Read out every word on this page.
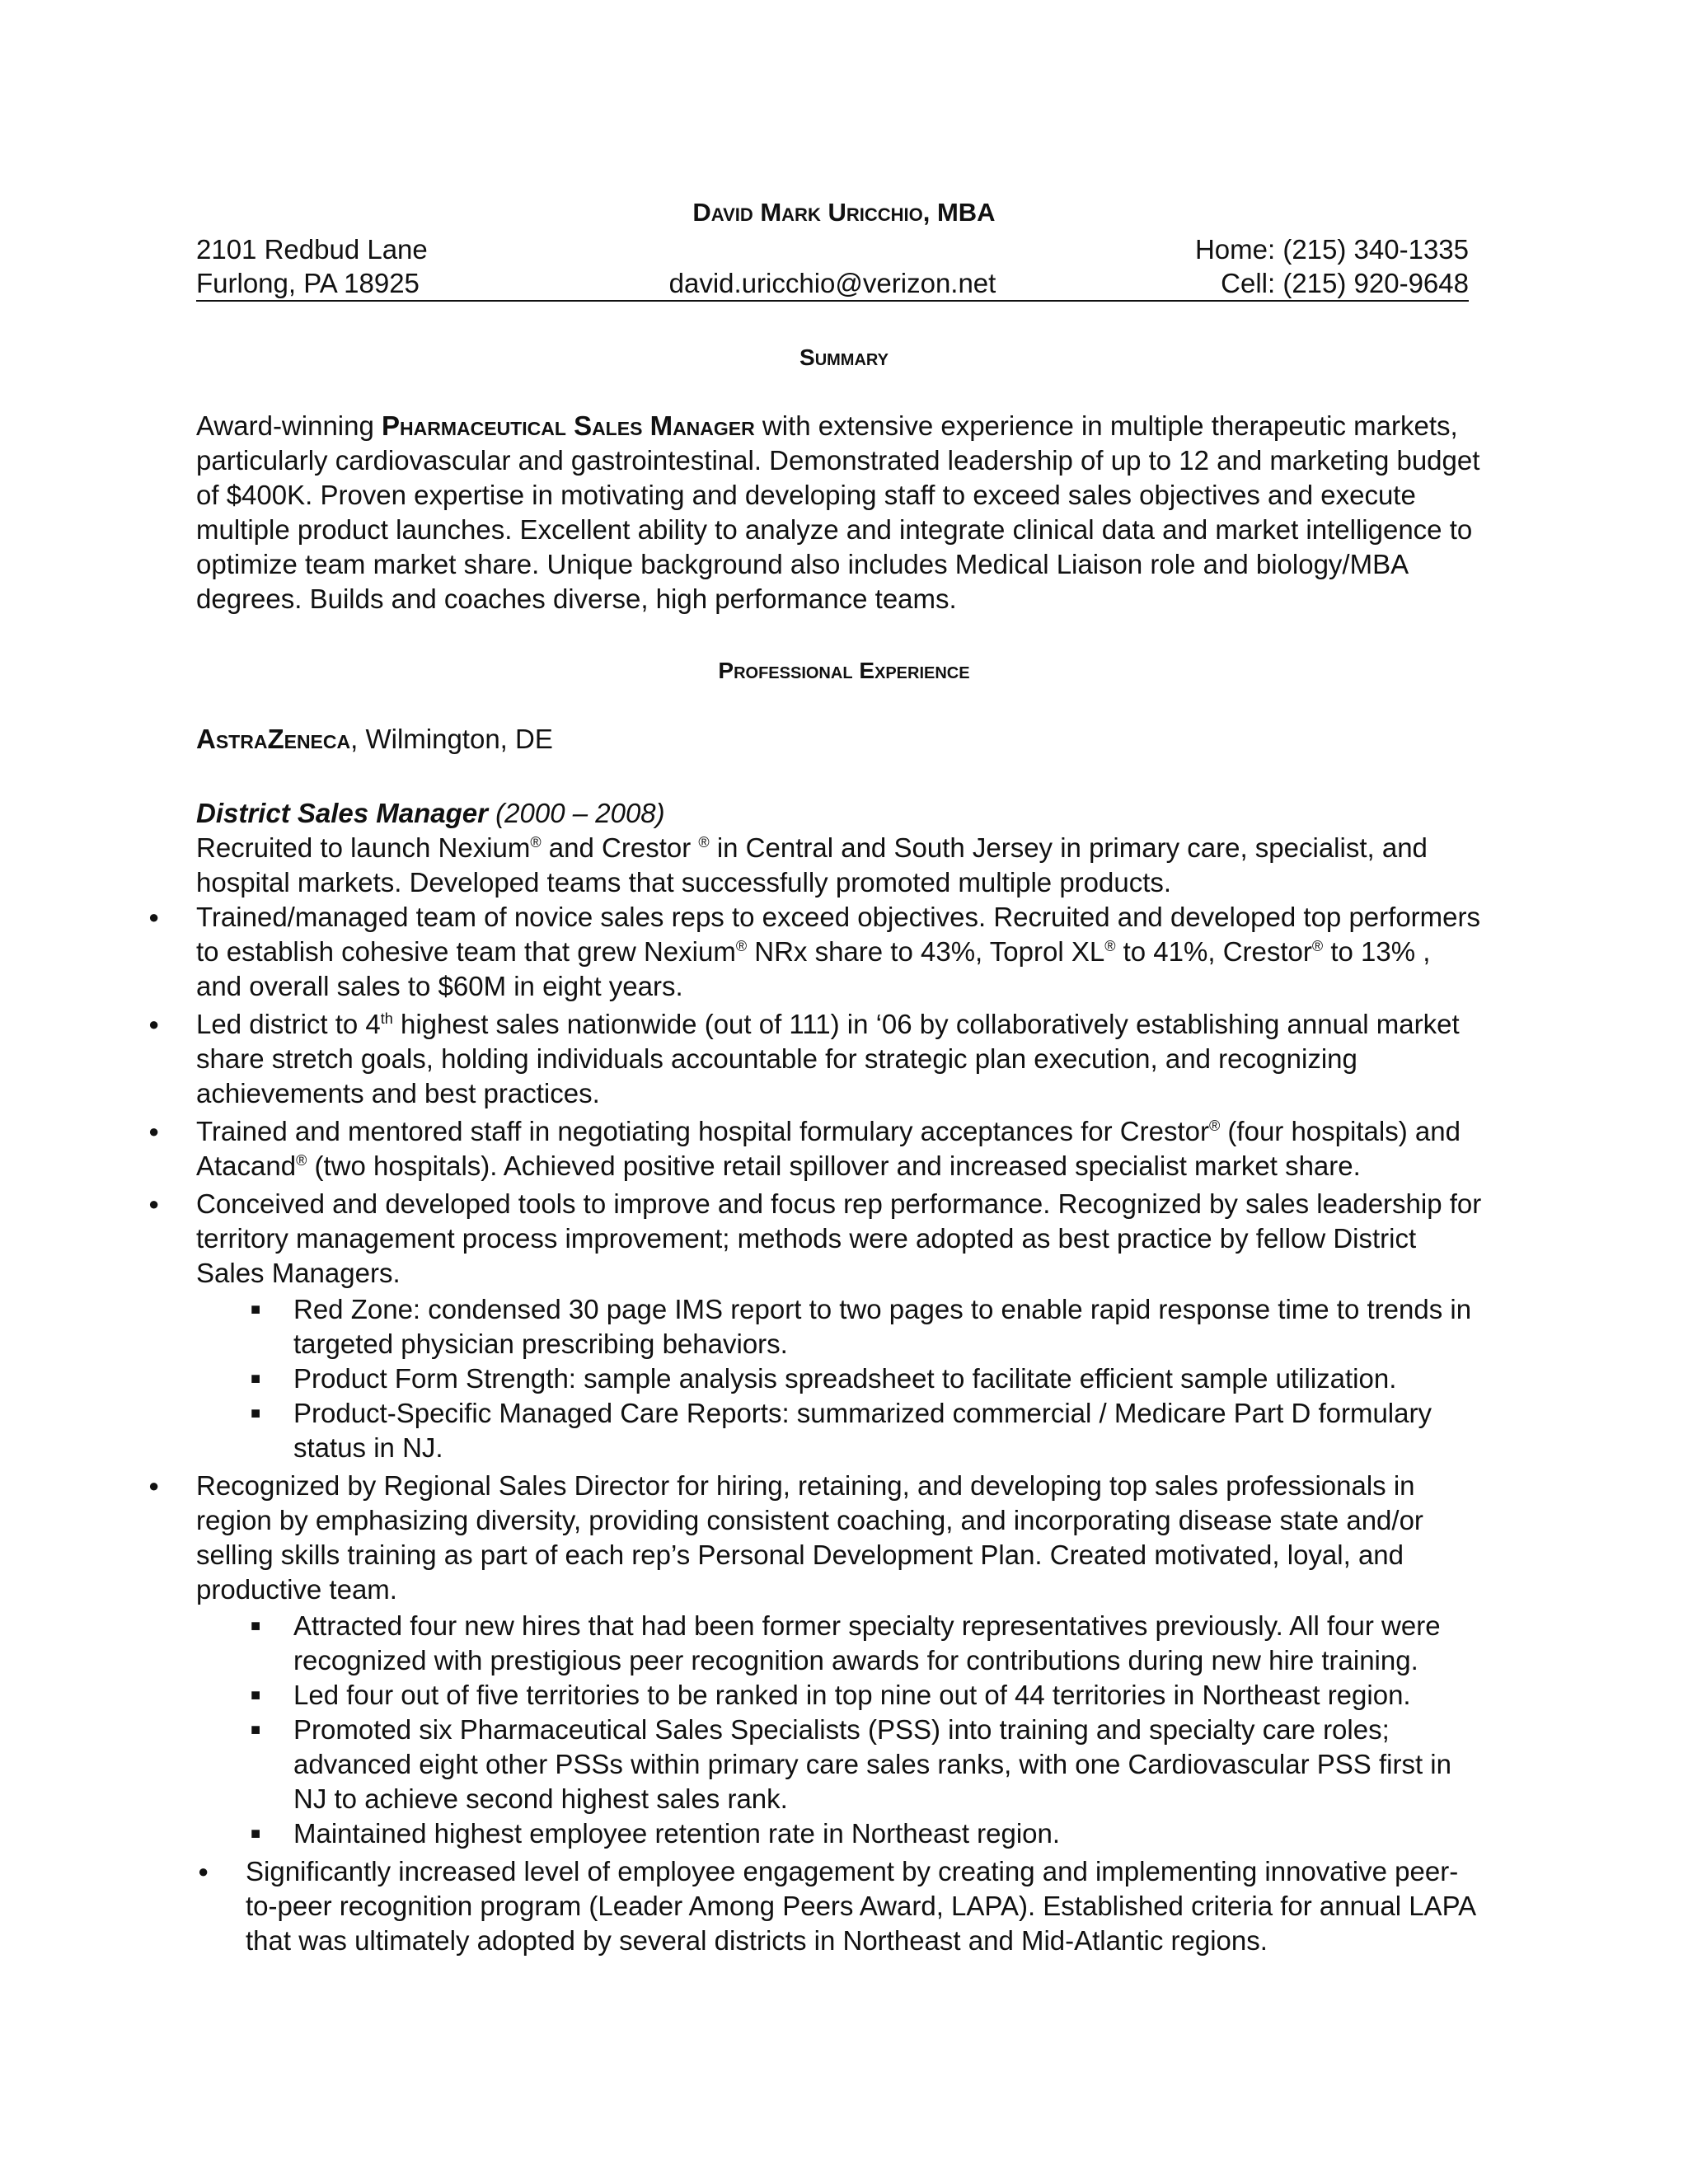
David Mark Uricchio, MBA
2101 Redbud Lane	Home: (215) 340-1335
Furlong, PA 18925	david.uricchio@verizon.net	Cell: (215) 920-9648
Summary

Award-winning Pharmaceutical Sales Manager with extensive experience in multiple therapeutic markets, particularly cardiovascular and gastrointestinal. Demonstrated leadership of up to 12 and marketing budget of $400K. Proven expertise in motivating and developing staff to exceed sales objectives and execute multiple product launches. Excellent ability to analyze and integrate clinical data and market intelligence to optimize team market share. Unique background also includes Medical Liaison role and biology/MBA degrees. Builds and coaches diverse, high performance teams.

Professional Experience
AstraZeneca, Wilmington, DE
District Sales Manager (2000 – 2008)

Recruited to launch Nexium® and Crestor ® in Central and South Jersey in primary care, specialist, and hospital markets. Developed teams that successfully promoted multiple products.

● Trained/managed team of novice sales reps to exceed objectives. Recruited and developed top performers to establish cohesive team that grew Nexium® NRx share to 43%, Toprol XL® to 41%, Crestor® to 13% , and overall sales to $60M in eight years.
● Led district to 4th highest sales nationwide (out of 111) in ‘06 by collaboratively establishing annual market share stretch goals, holding individuals accountable for strategic plan execution, and recognizing achievements and best practices.
● Trained and mentored staff in negotiating hospital formulary acceptances for Crestor® (four hospitals) and Atacand® (two hospitals). Achieved positive retail spillover and increased specialist market share.
● Conceived and developed tools to improve and focus rep performance. Recognized by sales leadership for territory management process improvement; methods were adopted as best practice by fellow District Sales Managers.
■ Red Zone: condensed 30 page IMS report to two pages to enable rapid response time to trends in targeted physician prescribing behaviors.
■ Product Form Strength: sample analysis spreadsheet to facilitate efficient sample utilization.
■ Product-Specific Managed Care Reports: summarized commercial / Medicare Part D formulary status in NJ.
● Recognized by Regional Sales Director for hiring, retaining, and developing top sales professionals in region by emphasizing diversity, providing consistent coaching, and incorporating disease state and/or selling skills training as part of each rep’s Personal Development Plan. Created motivated, loyal, and productive team.
■ Attracted four new hires that had been former specialty representatives previously. All four were recognized with prestigious peer recognition awards for contributions during new hire training.
■ Led four out of five territories to be ranked in top nine out of 44 territories in Northeast region.
■ Promoted six Pharmaceutical Sales Specialists (PSS) into training and specialty care roles; advanced eight other PSSs within primary care sales ranks, with one Cardiovascular PSS first in NJ to achieve second highest sales rank.
■ Maintained highest employee retention rate in Northeast region.
● Significantly increased level of employee engagement by creating and implementing innovative peer-to-peer recognition program (Leader Among Peers Award, LAPA). Established criteria for annual LAPA that was ultimately adopted by several districts in Northeast and Mid-Atlantic regions.
